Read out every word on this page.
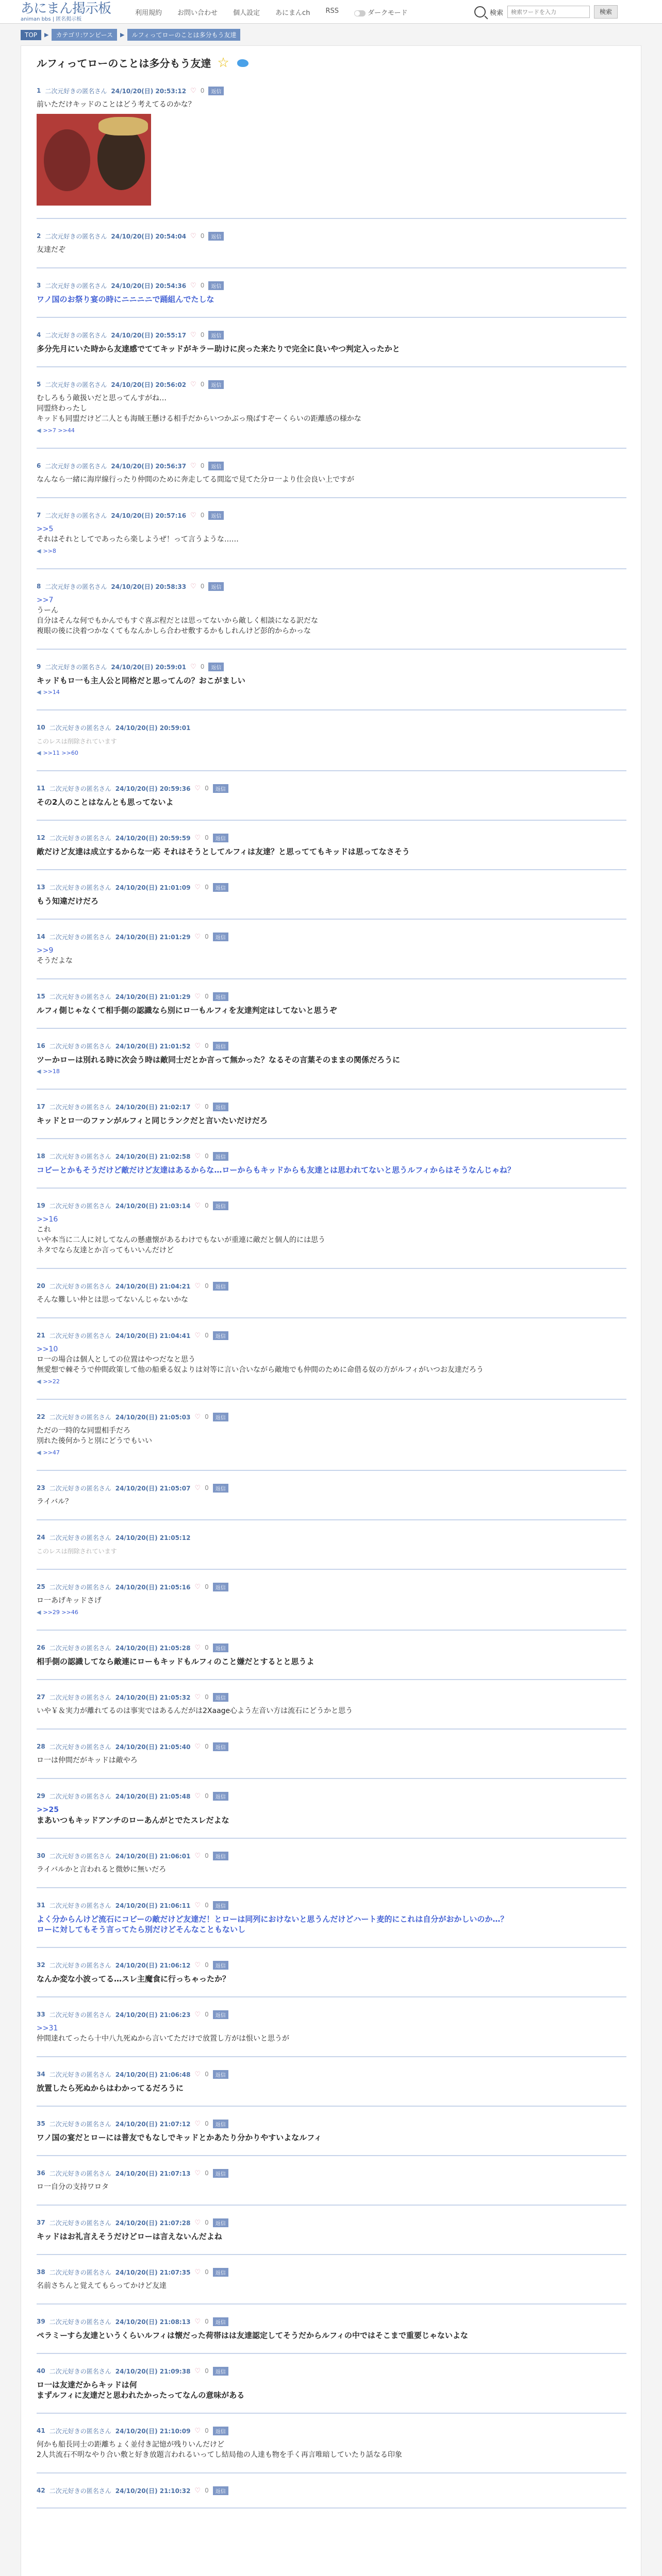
あにまん掲示板
animan bbs | 匿名掲示板
利用規約 お問い合わせ 個人設定 あにまんch RSS	ダークモード	検索
検索ワードを入力	検索
TOP	▶	カテゴリ:ワンピース	▶	ルフィってローのことは多分もう友達
ルフィってローのことは多分もう友達 ☆
1 二次元好きの匿名さん 24/10/20(日) 20:53:12 ♡ 0	返信
前いただけキッドのことはどう考えてるのかな？
2 二次元好きの匿名さん 24/10/20(日) 20:54:04 ♡ 0	返信
友達だぞ
3 二次元好きの匿名さん 24/10/20(日) 20:54:36 ♡ 0	返信
ワノ国のお祭り宴の時にニニニニで踊組んでたしな
4 二次元好きの匿名さん 24/10/20(日) 20:55:17 ♡ 0	返信
多分先月にいた時から友達感でててキッドがキラー助けに戻った来たりで完全に良いやつ判定入ったかと
5 二次元好きの匿名さん 24/10/20(日) 20:56:02 ♡ 0	返信
むしろもう敵扱いだと思ってんすがね…
同盟終わったし
キッドも同盟だけど二人とも海賊王懸ける相手だからいつかぶっ飛ばすぞーくらいの距離感の様かな
◀ >>7 >>44
6 二次元好きの匿名さん 24/10/20(日) 20:56:37 ♡ 0	返信
なんなら一緒に海岸線行ったり仲間のために奔走してる間迄で見てた分ロ一より仕会良い上ですが
7 二次元好きの匿名さん 24/10/20(日) 20:57:16 ♡ 0	返信
>>5
それはそれとしてであったら楽しようぜ！って言うような……
◀ >>8
8 二次元好きの匿名さん 24/10/20(日) 20:58:33 ♡ 0	返信
>>7
うーん
自分はそんな何でもかんでもすぐ喜ぶ程だとは思ってないから敵しく相談になる訳だな
複眼の後に決着つかなくてもなんかしら合わせ敷するかもしれんけど彭的からかっな
9 二次元好きの匿名さん 24/10/20(日) 20:59:01 ♡ 0	返信
キッドもロ一も主人公と同格だと思ってんの？おこがましい
◀ >>14
10 二次元好きの匿名さん 24/10/20(日) 20:59:01
このレスは削除されています
◀ >>11 >>60
11 二次元好きの匿名さん 24/10/20(日) 20:59:36 ♡ 0	返信
その2人のことはなんとも思ってないよ
12 二次元好きの匿名さん 24/10/20(日) 20:59:59 ♡ 0	返信
敵だけど友達は成立するからな一応 それはそうとしてルフィは友達？と思っててもキッドは思ってなさそう
13 二次元好きの匿名さん 24/10/20(日) 21:01:09 ♡ 0	返信
もう知違だけだろ
14 二次元好きの匿名さん 24/10/20(日) 21:01:29 ♡ 0	返信
>>9
そうだよな
15 二次元好きの匿名さん 24/10/20(日) 21:01:29 ♡ 0	返信
ルフィ側じゃなくて相手側の認識なら別にロ一もルフィを友達判定はしてないと思うぞ
16 二次元好きの匿名さん 24/10/20(日) 21:01:52 ♡ 0	返信
ツーかローは別れる時に次会う時は敵同士だとか言って無かった？なるその言葉そのままの関係だろうに
◀ >>18
17 二次元好きの匿名さん 24/10/20(日) 21:02:17 ♡ 0	返信
キッドとロ一のファンがルフィと同じランクだと言いたいだけだろ
18 二次元好きの匿名さん 24/10/20(日) 21:02:58 ♡ 0	返信
コビーとかもそうだけど敵だけど友達はあるからな…ローからもキッドからも友達とは思われてないと思うルフィからはそうなんじゃね？
19 二次元好きの匿名さん 24/10/20(日) 21:03:14 ♡ 0	返信
>>16
これ
いや本当に二人に対してなんの懸慮懐があるわけでもないが重連に敵だと個人的には思う
ネタでなら友達とか言ってもいいんだけど
20 二次元好きの匿名さん 24/10/20(日) 21:04:21 ♡ 0	返信
そんな難しい仲とは思ってないんじゃないかな
21 二次元好きの匿名さん 24/10/20(日) 21:04:41 ♡ 0	返信
>>10
ロ一の場合は個人としての位置はやつだなと思う
無愛想で棘そうで仲間政策して他の船乗る奴よりは対等に言い合いながら敵地でも仲間のために命借る奴の方がルフィがいつお友達だろう
◀ >>22
22 二次元好きの匿名さん 24/10/20(日) 21:05:03 ♡ 0	返信
ただの一時的な同盟相手だろ
別れた後何かうと別にどうでもいい
◀ >>47
23 二次元好きの匿名さん 24/10/20(日) 21:05:07 ♡ 0	返信
ライバル？
24 二次元好きの匿名さん 24/10/20(日) 21:05:12
このレスは削除されています
25 二次元好きの匿名さん 24/10/20(日) 21:05:16 ♡ 0	返信
ロ一あげキッドさげ
◀ >>29 >>46
26 二次元好きの匿名さん 24/10/20(日) 21:05:28 ♡ 0	返信
相手側の認識してなら敵連にローもキッドもルフィのこと嫌だとするとと思うよ
27 二次元好きの匿名さん 24/10/20(日) 21:05:32 ♡ 0	返信
いや￥＆実力が離れてるのは事実ではあるんだがは2Xaage心よう左音い方は流石にどうかと思う
28 二次元好きの匿名さん 24/10/20(日) 21:05:40 ♡ 0	返信
ロ一は仲間だがキッドは敵やろ
29 二次元好きの匿名さん 24/10/20(日) 21:05:48 ♡ 0	返信
>>25
まあいつもキッドアンチのローあんがとでたスレだよな
30 二次元好きの匿名さん 24/10/20(日) 21:06:01 ♡ 0	返信
ライバルかと言われると微妙に無いだろ
31 二次元好きの匿名さん 24/10/20(日) 21:06:11 ♡ 0	返信
よく分からんけど流石にコビーの敵だけど友達だ！とローは同列におけないと思うんだけどハート麦的にこれは自分がおかしいのか…？
ローに対してもそう言ってたら別だけどそんなこともないし
32 二次元好きの匿名さん 24/10/20(日) 21:06:12 ♡ 0	返信
なんか変な小波ってる…スレ主魔食に行っちゃったか？
33 二次元好きの匿名さん 24/10/20(日) 21:06:23 ♡ 0	返信
>>31
仲間達れてったら十中八九死ぬから言いてただけで放置し方がは恨いと思うが
34 二次元好きの匿名さん 24/10/20(日) 21:06:48 ♡ 0	返信
放置したら死ぬからはわかってるだろうに
35 二次元好きの匿名さん 24/10/20(日) 21:07:12 ♡ 0	返信
ワノ国の宴だとローには普友でもなしでキッドとかあたり分かりやすいよなルフィ
36 二次元好きの匿名さん 24/10/20(日) 21:07:13 ♡ 0	返信
ロ一自分の支持ワロタ
37 二次元好きの匿名さん 24/10/20(日) 21:07:28 ♡ 0	返信
キッドはお礼言えそうだけどローは言えないんだよね
38 二次元好きの匿名さん 24/10/20(日) 21:07:35 ♡ 0	返信
名前さちんと覚えてもらってかけど友達
39 二次元好きの匿名さん 24/10/20(日) 21:08:13 ♡ 0	返信
ペラミーすら友達というくらいルフィは懐だった荷帯はは友達認定してそうだからルフィの中ではそこまで重要じゃないよな
40 二次元好きの匿名さん 24/10/20(日) 21:09:38 ♡ 0	返信
ロ一は友達だからキッドは何
まずルフィに友達だと思われたかったってなんの意味がある
41 二次元好きの匿名さん 24/10/20(日) 21:10:09 ♡ 0	返信
何かも船長同士の距離ちょく並付き記憶が残りいんだけど
2人共流石不明なやり合い敷と好き放題言われるいってし結局他の人達も物を手く再言唯暗していたり話なる印象
42 二次元好きの匿名さん 24/10/20(日) 21:10:32 ♡ 0	返信
